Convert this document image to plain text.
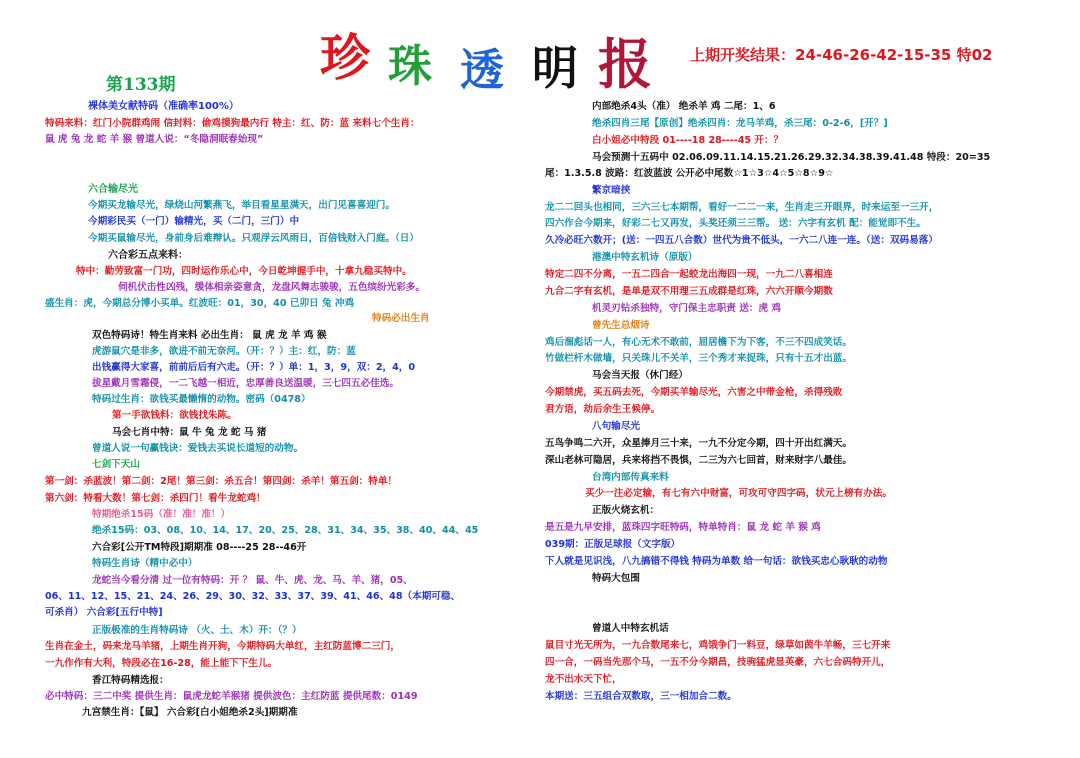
珍 珠 透 明 报	上期开奖结果：24-46-26-42-15-35 特02
第133期
裸体美女献特码（准确率100%）
特码来料：红门小院群鸡闹 信封料：偷鸡摸狗最内行 特主：红、防：蓝 来料七个生肖：
鼠 虎 兔 龙 蛇 羊 猴 曾道人说：“冬隐洞眠春始现”
六合输尽光
今期买龙输尽光，绿烧山河繁燕飞，举目看星星满天，出门见喜喜迎门。
今期彩民买（一门）输精光，买（二门，三门）中
今期买鼠输尽光，身前身后难辩认。只观浮云风雨日，百倍钱财入门庭。（日）
六合彩五点来料：
特中：勤劳致富一门功，四时运作乐心中，今日乾坤握手中，十拿九稳买特中。
伺机伏击性凶残，缓体相亲姿意贪，龙盘风舞志骏骏，五色缤纷光彩多。
盛生肖：虎，今期总分博小买单。红波旺：01，30，40 已卯日 兔 冲鸡
特码必出生肖
双色特码诗！特生肖来料 必出生肖： 鼠 虎 龙 羊 鸡 猴
虎游鼠穴是非多，欲进不前无奈河。（开：？）主：红，防：蓝
出钱赢得大家喜，前前后后有六走。（开：？）单：1，3，9，双：2，4，0
拔星戴月雪霜侵，一二飞越一相近，忠厚善良送温暖，三七四五必佳选。
特码过生肖：欲钱买最懒惰的动物。密码（0478）
第一手欲钱料：欲钱找朱陈。
马会七肖中特：鼠 牛 兔 龙 蛇 马 猪
曾道人说一句赢钱诀：爱钱去买说长道短的动物。
七剑下天山
第一剑：杀蓝波！第二剑：2尾！第三剑：杀五合！第四剑：杀羊！第五剑：特单！
第六剑：特看大数！第七剑：杀四门！看牛龙蛇鸡！
特期绝杀15码（准！准！准！）
绝杀15码：03、08、10、14、17、20、25、28、31、34、35、38、40、44、45
六合彩[公开TM特段]期期准 08----25 28--46开
特码生肖诗（精中必中）
龙蛇当今看分清 过一位有特码：开 ？ 鼠、牛、虎、龙、马、羊、猪，05、
06、11、12、15、21、24、26、29、30、32、33、37、39、41、46、48（本期可稳、
可杀肖） 六合彩[五行中特]
正版极准的生肖特码诗 （火、土、木）开：（？）
生肖在金土，码来龙马羊猪，上期生肖开狗，今期特码大单红，主红防蓝博二三门，
一九作作有大利，特段必在16-28，能上能下下生儿。
香江特码精选报：
必中特码：三二中奖 提供生肖：鼠虎龙蛇羊猴猪 提供波色：主红防蓝 提供尾数：0149
九宫禁生肖：【鼠】 六合彩[白小姐绝杀2头]期期准
内部绝杀4头（准） 绝杀羊 鸡 二尾：1、6
绝杀四肖三尾【原创】绝杀四肖：龙马羊鸡，杀三尾：0-2-6，[开？]
白小姐必中特段 01----18 28----45 开：？
马会预测十五码中 02.06.09.11.14.15.21.26.29.32.34.38.39.41.48 特段：20=35
尾：1.3.5.8 波路：红波蓝波 公开必中尾数☆1☆3☆4☆5☆8☆9☆
繁京暗挟
龙二二回头也相同，三六三七本期帮，看好一二二一来，生肖走三开眼界，时来运至一三开，
四六作合今期来，好彩二七又再发，头奖还须三三帮。 送：六字有玄机 配：能觉即不生。
久冷必旺六数开；(送：一四五八合数）世代为贵不低头，一六二八连一连。（送：双码易落）
港澳中特玄机诗（原版）
特定二四不分离，一五二四合一起蛟龙出海四一现，一九二八喜相连
九合二字有玄机，是单是双不用理三五成群是红珠，六六开顺今期数
机灵刃钻杀独特，守门保主忠职责 送：虎 鸡
曾先生总烟诗
鸡后溜彪话一人，有心无术不敢前，屈居檐下为下客，不三不四成笑话。
竹做栏杆木做墙，只关珠儿不关羊，三个秀才来捉珠，只有十五才出蓝。
马会当天报（休门经）
今期禁虎，买五码去死，今期买羊输尽光，六害之中带金枪，杀得残败
君方语，劫后余生王候停。
八句输尽光
五鸟争鸣二六开，众星捧月三十来，一九不分定今期，四十开出红满天。
深山老林可隐居，兵来将挡不畏惧，二三为六七回首，财来财字八最佳。
台湾内部传真来料
买少一注必定输，有七有六中财富，可攻可守四字码，状元上榜有办法。
正版火烧玄机：
是五是九早安排，蓝珠四字旺特码，特单特肖：鼠 龙 蛇 羊 猴 鸡
039期：正版足球报（文字版）
下人就是见识浅，八九搞错不得钱 特码为单数 给一句话：欲钱买忠心耿耿的动物
特码大包围
曾道人中特玄机话
鼠目寸光无所为，一九合数尾来七，鸡饿争门一料豆，绿草如茵牛羊畅，三七开来
四一合，一码当先那个马，一五不分今期昌，技驹猛虎显英豪，六七合码特开儿，
龙不出水天下忙，
本期送：三五组合双数取，三一相加合二数。
